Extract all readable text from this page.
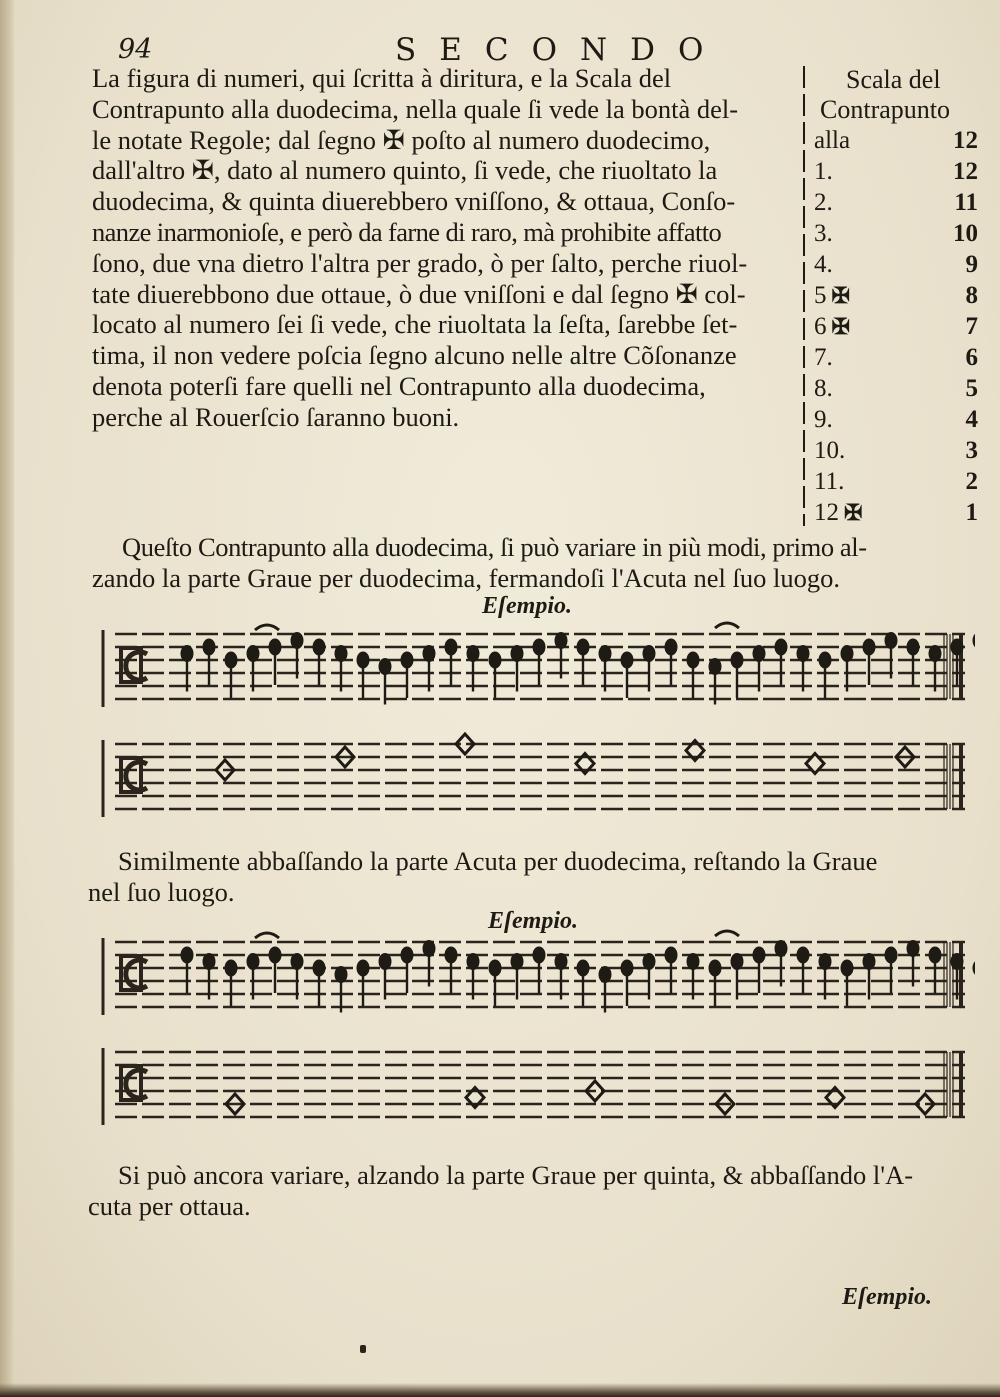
94	SECONDO
La figura di numeri, qui ſcritta à diritura, e la Scala del
Contrapunto alla duodecima, nella quale ſi vede la bontà del-
le notate Regole; dal ſegno ✠ poſto al numero duodecimo,
dall'altro ✠, dato al numero quinto, ſi vede, che riuoltato la
duodecima, & quinta diuerebbero vniſſono, & ottaua, Conſo-
nanze inarmonioſe, e però da farne di raro, mà prohibite affatto
ſono, due vna dietro l'altra per grado, ò per ſalto, perche riuol-
tate diuerebbono due ottaue, ò due vniſſoni e dal ſegno ✠ col-
locato al numero ſei ſi vede, che riuoltata la ſeſta, ſarebbe ſet-
tima, il non vedere poſcia ſegno alcuno nelle altre Cõſonanze
denota poterſi fare quelli nel Contrapunto alla duodecima,
perche al Rouerſcio ſaranno buoni.
Scala del
Contrapunto
alla	12
1.	12
2.	11
3.	10
4.	9
5 ✠	8
6 ✠	7
7.	6
8.	5
9.	4
10.	3
11.	2
12 ✠	1
Queſto Contrapunto alla duodecima, ſi può variare in più modi, primo al-
zando la parte Graue per duodecima, fermandoſi l'Acuta nel ſuo luogo.
Eſempio.
Similmente abbaſſando la parte Acuta per duodecima, reſtando la Graue
nel ſuo luogo.
Eſempio.
Si può ancora variare, alzando la parte Graue per quinta, & abbaſſando l'A-
cuta per ottaua.
Eſempio.
